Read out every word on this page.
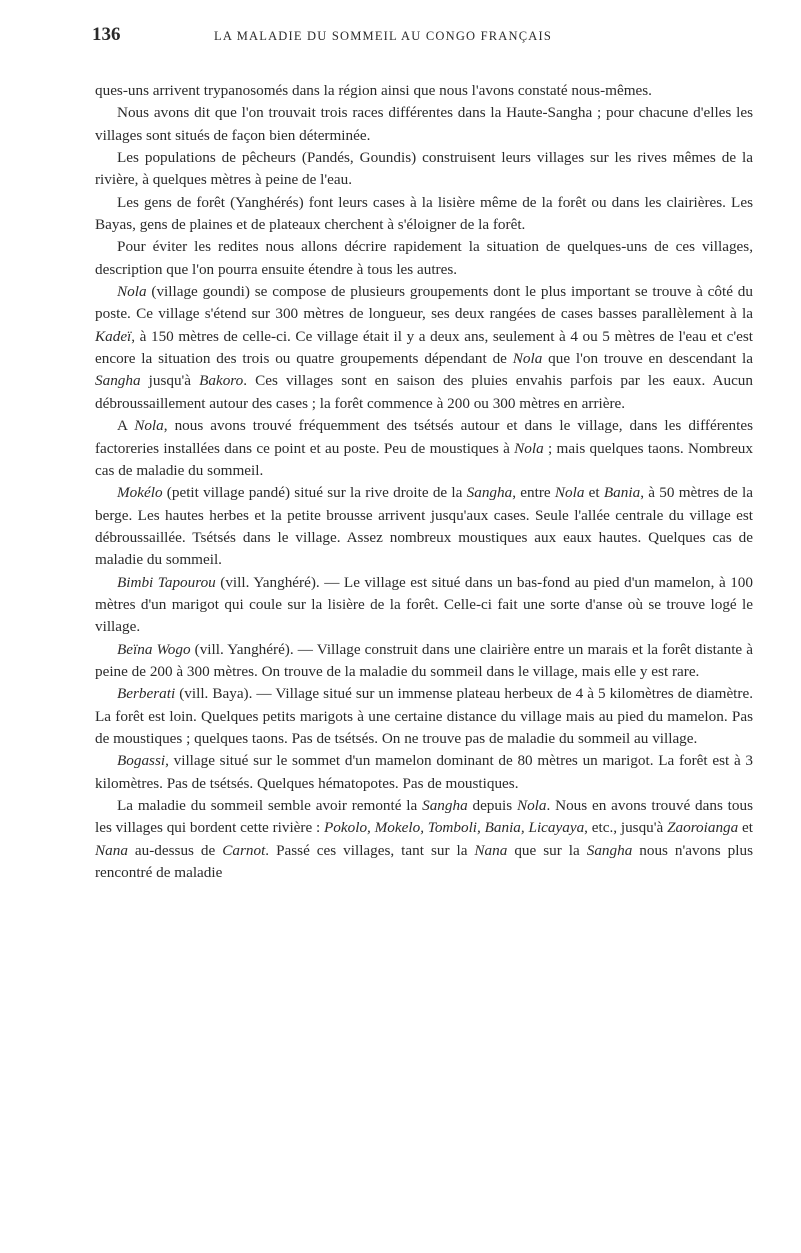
136	LA MALADIE DU SOMMEIL AU CONGO FRANÇAIS

ques-uns arrivent trypanosomés dans la région ainsi que nous l'avons constaté nous-mêmes.

Nous avons dit que l'on trouvait trois races différentes dans la Haute-Sangha ; pour chacune d'elles les villages sont situés de façon bien déterminée.

Les populations de pêcheurs (Pandés, Goundis) construisent leurs villages sur les rives mêmes de la rivière, à quelques mètres à peine de l'eau.

Les gens de forêt (Yanghérés) font leurs cases à la lisière même de la forêt ou dans les clairières. Les Bayas, gens de plaines et de plateaux cherchent à s'éloigner de la forêt.

Pour éviter les redites nous allons décrire rapidement la situation de quelques-uns de ces villages, description que l'on pourra ensuite étendre à tous les autres.

Nola (village goundi) se compose de plusieurs groupements dont le plus important se trouve à côté du poste. Ce village s'étend sur 300 mètres de longueur, ses deux rangées de cases basses parallèlement à la Kadeï, à 150 mètres de celle-ci. Ce village était il y a deux ans, seulement à 4 ou 5 mètres de l'eau et c'est encore la situation des trois ou quatre groupements dépendant de Nola que l'on trouve en descendant la Sangha jusqu'à Bakoro. Ces villages sont en saison des pluies envahis parfois par les eaux. Aucun débroussaillement autour des cases ; la forêt commence à 200 ou 300 mètres en arrière.

A Nola, nous avons trouvé fréquemment des tsétsés autour et dans le village, dans les différentes factoreries installées dans ce point et au poste. Peu de moustiques à Nola ; mais quelques taons. Nombreux cas de maladie du sommeil.

Mokélo (petit village pandé) situé sur la rive droite de la Sangha, entre Nola et Bania, à 50 mètres de la berge. Les hautes herbes et la petite brousse arrivent jusqu'aux cases. Seule l'allée centrale du village est débroussaillée. Tsétsés dans le village. Assez nombreux moustiques aux eaux hautes. Quelques cas de maladie du sommeil.

Bimbi Tapourou (vill. Yanghéré). — Le village est situé dans un bas-fond au pied d'un mamelon, à 100 mètres d'un marigot qui coule sur la lisière de la forêt. Celle-ci fait une sorte d'anse où se trouve logé le village.

Beïna Wogo (vill. Yanghéré). — Village construit dans une clairière entre un marais et la forêt distante à peine de 200 à 300 mètres. On trouve de la maladie du sommeil dans le village, mais elle y est rare.

Berberati (vill. Baya). — Village situé sur un immense plateau herbeux de 4 à 5 kilomètres de diamètre. La forêt est loin. Quelques petits marigots à une certaine distance du village mais au pied du mamelon. Pas de moustiques ; quelques taons. Pas de tsétsés. On ne trouve pas de maladie du sommeil au village.

Bogassi, village situé sur le sommet d'un mamelon dominant de 80 mètres un marigot. La forêt est à 3 kilomètres. Pas de tsétsés. Quelques hématopotes. Pas de moustiques.

La maladie du sommeil semble avoir remonté la Sangha depuis Nola. Nous en avons trouvé dans tous les villages qui bordent cette rivière : Pokolo, Mokelo, Tomboli, Bania, Licayaya, etc., jusqu'à Zaoroianga et Nana au-dessus de Carnot. Passé ces villages, tant sur la Nana que sur la Sangha nous n'avons plus rencontré de maladie
